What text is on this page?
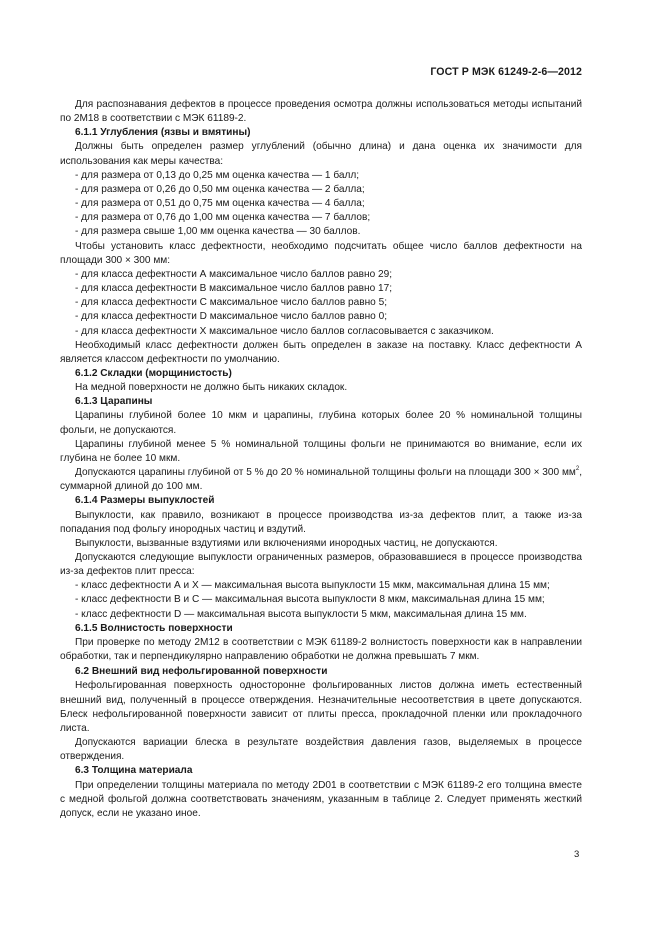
ГОСТ Р МЭК 61249-2-6—2012
Для распознавания дефектов в процессе проведения осмотра должны использоваться методы испытаний по 2М18 в соответствии с МЭК 61189-2.
6.1.1 Углубления (язвы и вмятины)
Должны быть определен размер углублений (обычно длина) и дана оценка их значимости для использования как меры качества:
- для размера от 0,13 до 0,25 мм оценка качества — 1 балл;
- для размера от 0,26 до 0,50 мм оценка качества — 2 балла;
- для размера от 0,51 до 0,75 мм оценка качества — 4 балла;
- для размера от 0,76 до 1,00 мм оценка качества — 7 баллов;
- для размера свыше 1,00 мм оценка качества — 30 баллов.
Чтобы установить класс дефектности, необходимо подсчитать общее число баллов дефектности на площади 300 × 300 мм:
- для класса дефектности А максимальное число баллов равно 29;
- для класса дефектности В максимальное число баллов равно 17;
- для класса дефектности С максимальное число баллов равно 5;
- для класса дефектности D максимальное число баллов равно 0;
- для класса дефектности X максимальное число баллов согласовывается с заказчиком.
Необходимый класс дефектности должен быть определен в заказе на поставку. Класс дефектности А является классом дефектности по умолчанию.
6.1.2 Складки (морщинистость)
На медной поверхности не должно быть никаких складок.
6.1.3 Царапины
Царапины глубиной более 10 мкм и царапины, глубина которых более 20 % номинальной толщины фольги, не допускаются.
Царапины глубиной менее 5 % номинальной толщины фольги не принимаются во внимание, если их глубина не более 10 мкм.
Допускаются царапины глубиной от 5 % до 20 % номинальной толщины фольги на площади 300 × 300 $мм^2$, суммарной длиной до 100 мм.
6.1.4 Размеры выпуклостей
Выпуклости, как правило, возникают в процессе производства из-за дефектов плит, а также из-за попадания под фольгу инородных частиц и вздутий.
Выпуклости, вызванные вздутиями или включениями инородных частиц, не допускаются.
Допускаются следующие выпуклости ограниченных размеров, образовавшиеся в процессе производства из-за дефектов плит пресса:
- класс дефектности А и X — максимальная высота выпуклости 15 мкм, максимальная длина 15 мм;
- класс дефектности В и С — максимальная высота выпуклости 8 мкм, максимальная длина 15 мм;
- класс дефектности D — максимальная высота выпуклости 5 мкм, максимальная длина 15 мм.
6.1.5 Волнистость поверхности
При проверке по методу 2М12 в соответствии с МЭК 61189-2 волнистость поверхности как в направлении обработки, так и перпендикулярно направлению обработки не должна превышать 7 мкм.
6.2 Внешний вид нефольгированной поверхности
Нефольгированная поверхность односторонне фольгированных листов должна иметь естественный внешний вид, полученный в процессе отверждения. Незначительные несоответствия в цвете допускаются. Блеск нефольгированной поверхности зависит от плиты пресса, прокладочной пленки или прокладочного листа.
Допускаются вариации блеска в результате воздействия давления газов, выделяемых в процессе отверждения.
6.3 Толщина материала
При определении толщины материала по методу 2D01 в соответствии с МЭК 61189-2 его толщина вместе с медной фольгой должна соответствовать значениям, указанным в таблице 2. Следует применять жесткий допуск, если не указано иное.
3
